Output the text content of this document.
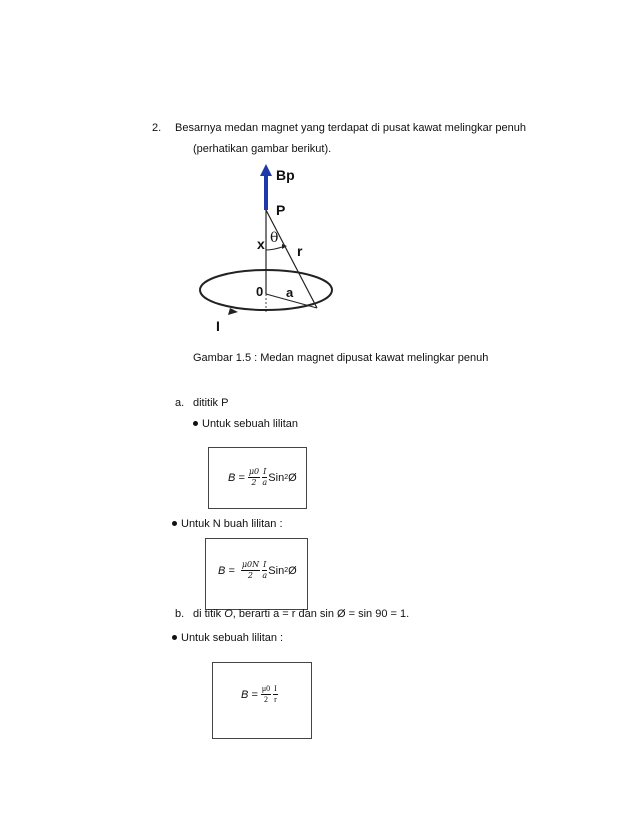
2. Besarnya medan magnet yang terdapat di pusat kawat melingkar penuh
(perhatikan gambar berikut).
Bp
P
x θ
r
0 a
I
Gambar 1.5 : Medan magnet dipusat kawat melingkar penuh
a. dititik P
Untuk sebuah lilitan
$B = \frac{\mu 0}{2} \frac{I}{a}$ Sin 2 Ø
Untuk N buah lilitan :
$B = \frac{\mu 0N}{2} \frac{I}{a}$ Sin 2 Ø
b. di titik O, berarti a = r dan sin Ø = sin 90 = 1.
Untuk sebuah lilitan :
$B = \frac{\mu 0}{2} \frac{I}{r}$
